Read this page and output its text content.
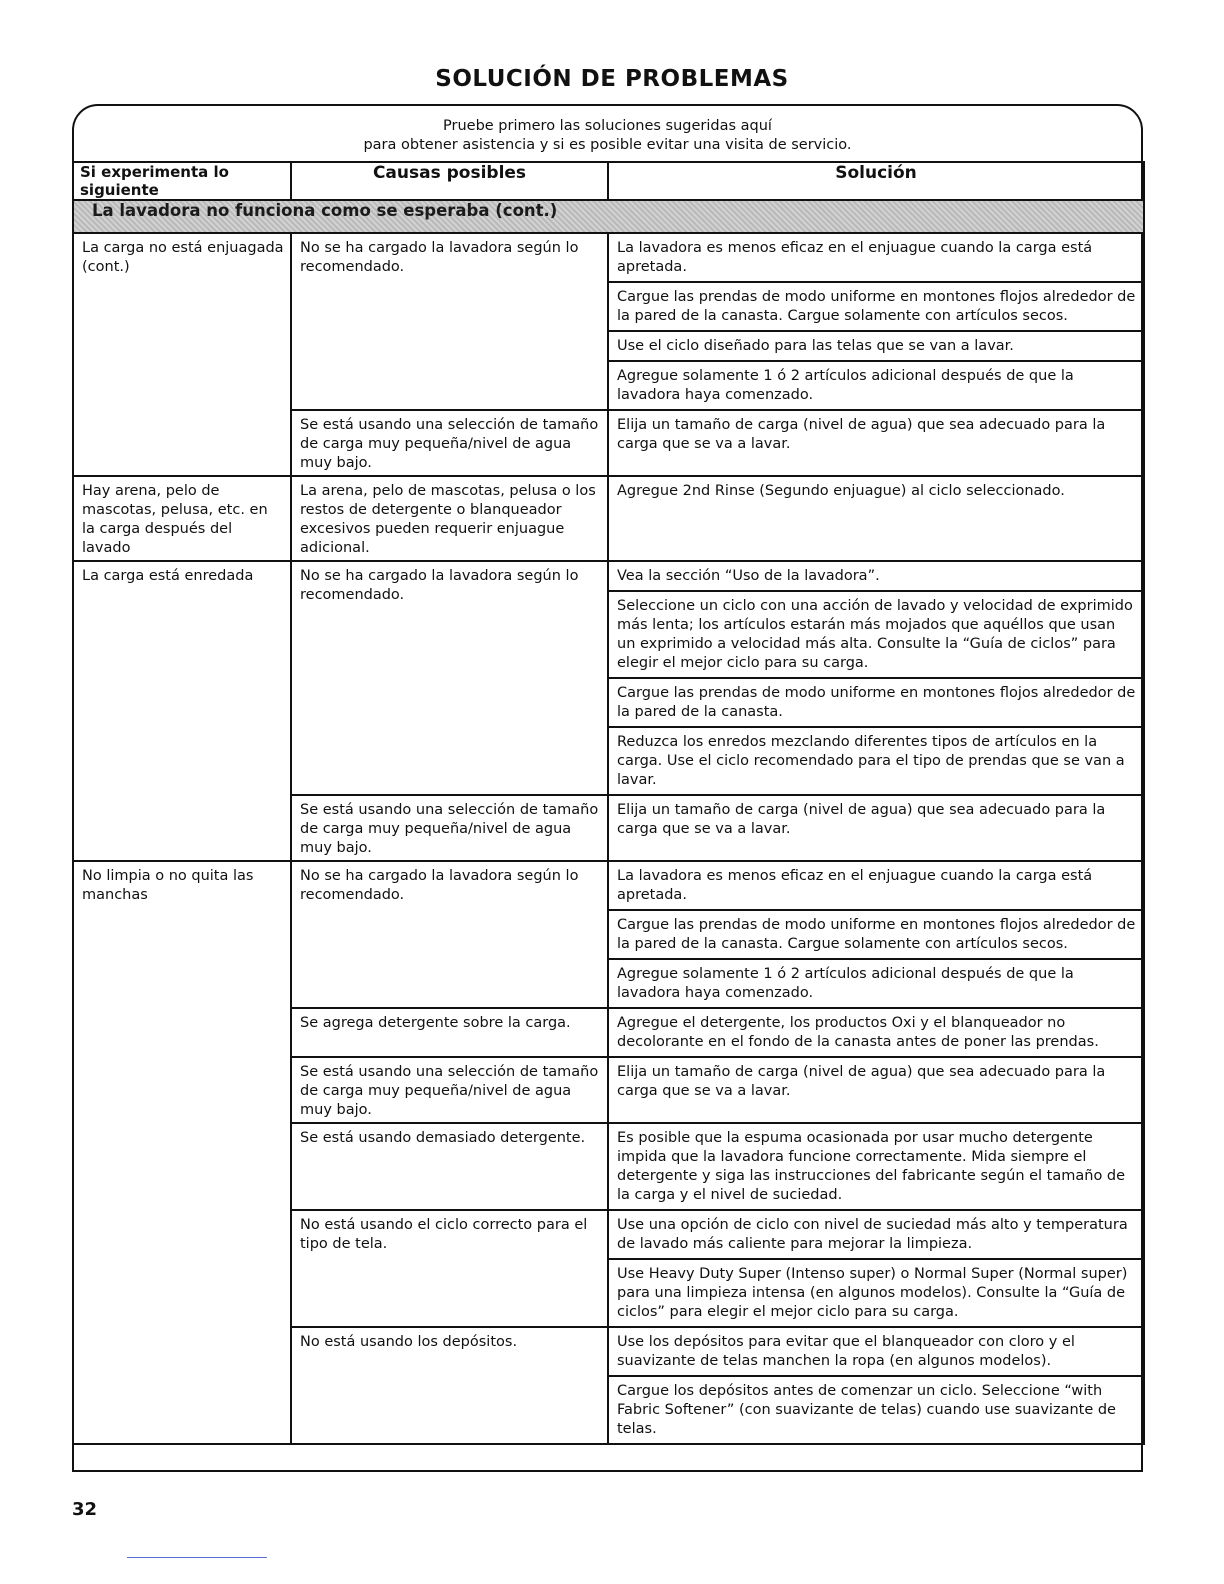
SOLUCIÓN DE PROBLEMAS
Pruebe primero las soluciones sugeridas aquí
para obtener asistencia y si es posible evitar una visita de servicio.
Si experimenta lo siguiente	Causas posibles	Solución
La lavadora no funciona como se esperaba (cont.)		
La carga no está enjuagada (cont.)	No se ha cargado la lavadora según lo recomendado.	La lavadora es menos eficaz en el enjuague cuando la carga está apretada.
Cargue las prendas de modo uniforme en montones flojos alrededor de la pared de la canasta. Cargue solamente con artículos secos.
Use el ciclo diseñado para las telas que se van a lavar.
Agregue solamente 1 ó 2 artículos adicional después de que la lavadora haya comenzado.

	Se está usando una selección de tamaño de carga muy pequeña/nivel de agua muy bajo.	Elija un tamaño de carga (nivel de agua) que sea adecuado para la carga que se va a lavar.

Hay arena, pelo de mascotas, pelusa, etc. en la carga después del lavado	La arena, pelo de mascotas, pelusa o los restos de detergente o blanqueador excesivos pueden requerir enjuague adicional.	Agregue 2nd Rinse (Segundo enjuague) al ciclo seleccionado.

La carga está enredada	No se ha cargado la lavadora según lo recomendado.	Vea la sección “Uso de la lavadora”.
Seleccione un ciclo con una acción de lavado y velocidad de exprimido más lenta; los artículos estarán más mojados que aquéllos que usan un exprimido a velocidad más alta. Consulte la “Guía de ciclos” para elegir el mejor ciclo para su carga.
Cargue las prendas de modo uniforme en montones flojos alrededor de la pared de la canasta.
Reduzca los enredos mezclando diferentes tipos de artículos en la carga. Use el ciclo recomendado para el tipo de prendas que se van a lavar.

	Se está usando una selección de tamaño de carga muy pequeña/nivel de agua muy bajo.	Elija un tamaño de carga (nivel de agua) que sea adecuado para la carga que se va a lavar.

No limpia o no quita las manchas	No se ha cargado la lavadora según lo recomendado.	La lavadora es menos eficaz en el enjuague cuando la carga está apretada.
Cargue las prendas de modo uniforme en montones flojos alrededor de la pared de la canasta. Cargue solamente con artículos secos.
Agregue solamente 1 ó 2 artículos adicional después de que la lavadora haya comenzado.

	Se agrega detergente sobre la carga.	Agregue el detergente, los productos Oxi y el blanqueador no decolorante en el fondo de la canasta antes de poner las prendas.

	Se está usando una selección de tamaño de carga muy pequeña/nivel de agua muy bajo.	Elija un tamaño de carga (nivel de agua) que sea adecuado para la carga que se va a lavar.

	Se está usando demasiado detergente.	Es posible que la espuma ocasionada por usar mucho detergente impida que la lavadora funcione correctamente. Mida siempre el detergente y siga las instrucciones del fabricante según el tamaño de la carga y el nivel de suciedad.

	No está usando el ciclo correcto para el tipo de tela.	Use una opción de ciclo con nivel de suciedad más alto y temperatura de lavado más caliente para mejorar la limpieza.
Use Heavy Duty Super (Intenso super) o Normal Super (Normal super) para una limpieza intensa (en algunos modelos). Consulte la “Guía de ciclos” para elegir el mejor ciclo para su carga.

	No está usando los depósitos.	Use los depósitos para evitar que el blanqueador con cloro y el suavizante de telas manchen la ropa (en algunos modelos).
Cargue los depósitos antes de comenzar un ciclo. Seleccione “with Fabric Softener” (con suavizante de telas) cuando use suavizante de telas.
32
